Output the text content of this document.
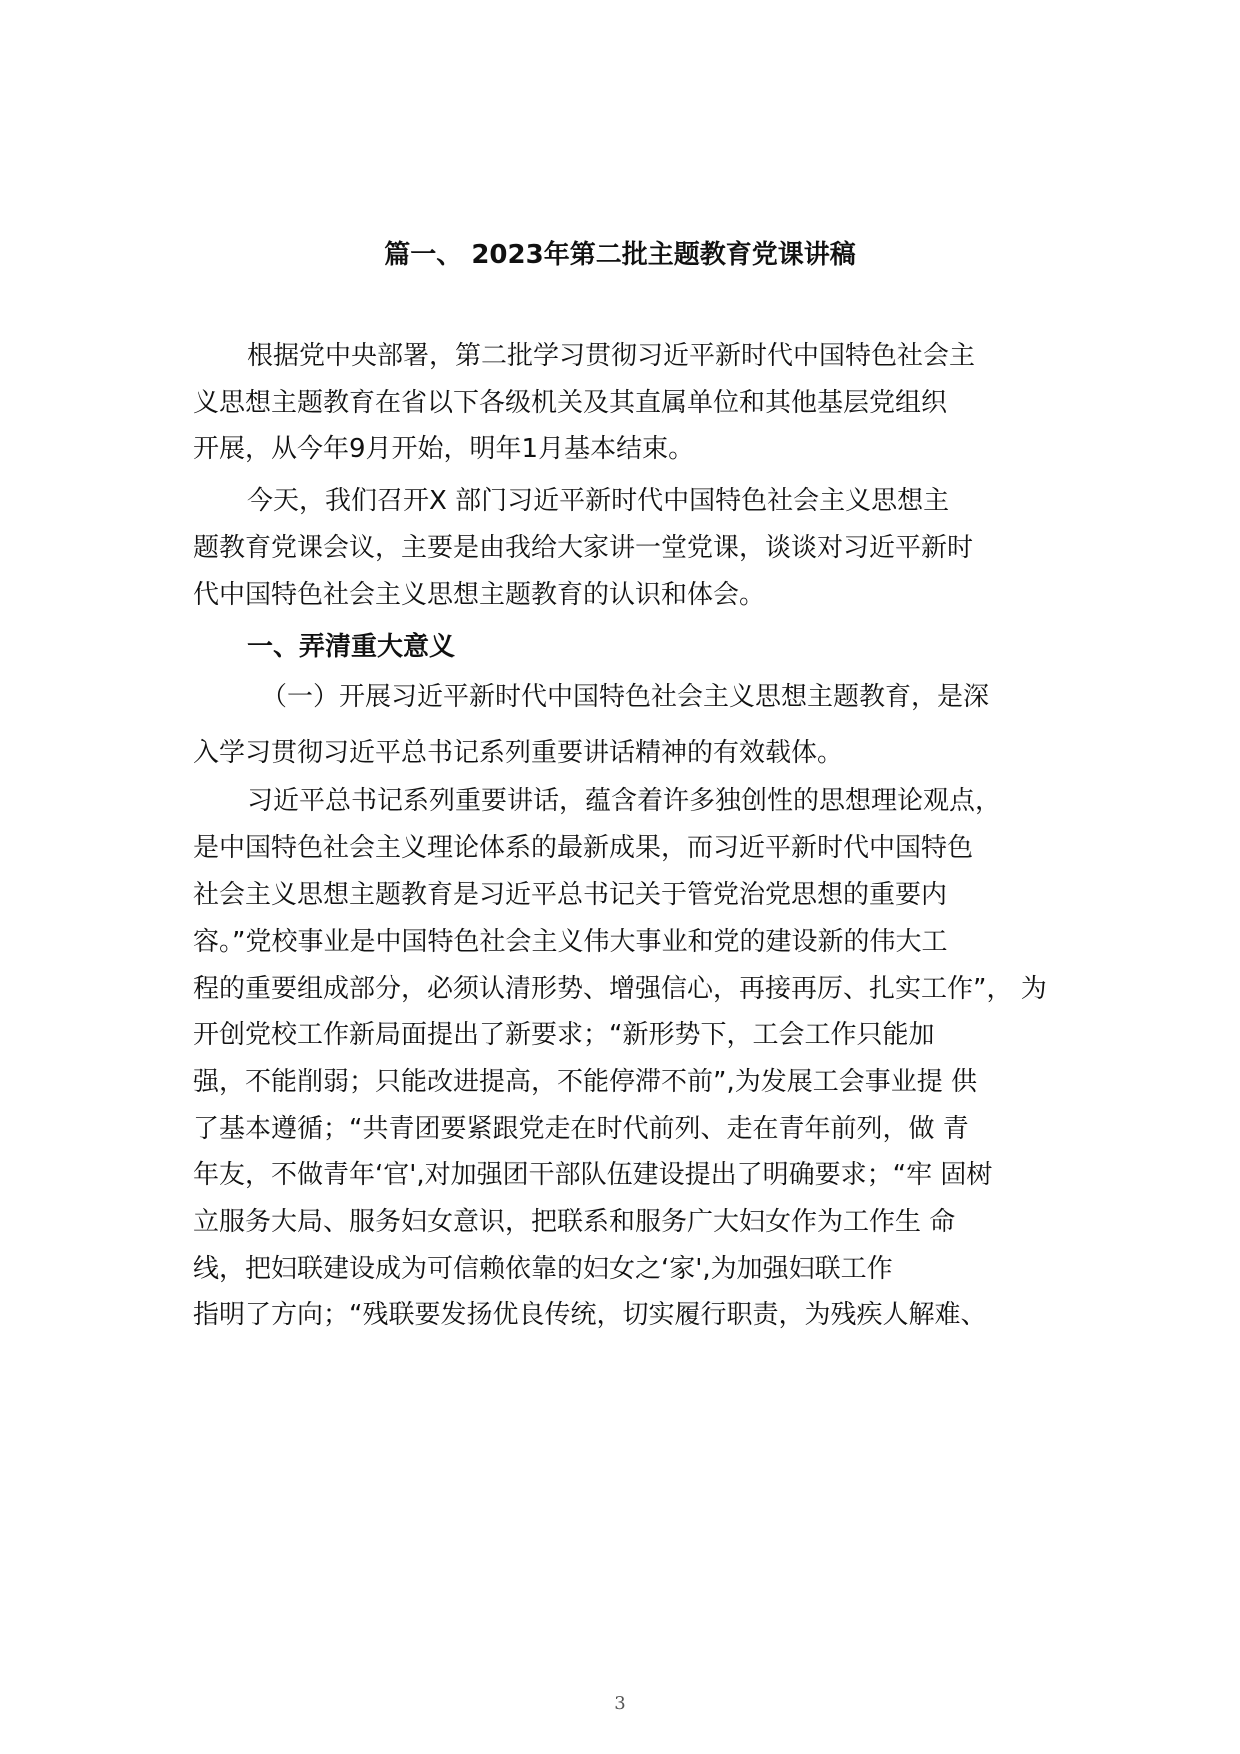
篇一、 2023年第二批主题教育党课讲稿
根据党中央部署，第二批学习贯彻习近平新时代中国特色社会主
义思想主题教育在省以下各级机关及其直属单位和其他基层党组织
开展，从今年9月开始，明年1月基本结束。
今天，我们召开X 部门习近平新时代中国特色社会主义思想主
题教育党课会议，主要是由我给大家讲一堂党课，谈谈对习近平新时
代中国特色社会主义思想主题教育的认识和体会。
一、弄清重大意义
（一）开展习近平新时代中国特色社会主义思想主题教育，是深
入学习贯彻习近平总书记系列重要讲话精神的有效载体。
习近平总书记系列重要讲话，蕴含着许多独创性的思想理论观点，
是中国特色社会主义理论体系的最新成果，而习近平新时代中国特色
社会主义思想主题教育是习近平总书记关于管党治党思想的重要内
容。”党校事业是中国特色社会主义伟大事业和党的建设新的伟大工
程的重要组成部分，必须认清形势、增强信心，再接再厉、扎实工作”， 为
开创党校工作新局面提出了新要求；“新形势下，工会工作只能加
强，不能削弱；只能改进提高，不能停滞不前”,为发展工会事业提 供
了基本遵循；“共青团要紧跟党走在时代前列、走在青年前列，做 青
年友，不做青年‘官',对加强团干部队伍建设提出了明确要求；“牢 固树
立服务大局、服务妇女意识，把联系和服务广大妇女作为工作生 命
线，把妇联建设成为可信赖依靠的妇女之‘家',为加强妇联工作
指明了方向；“残联要发扬优良传统，切实履行职责，为残疾人解难、
3
